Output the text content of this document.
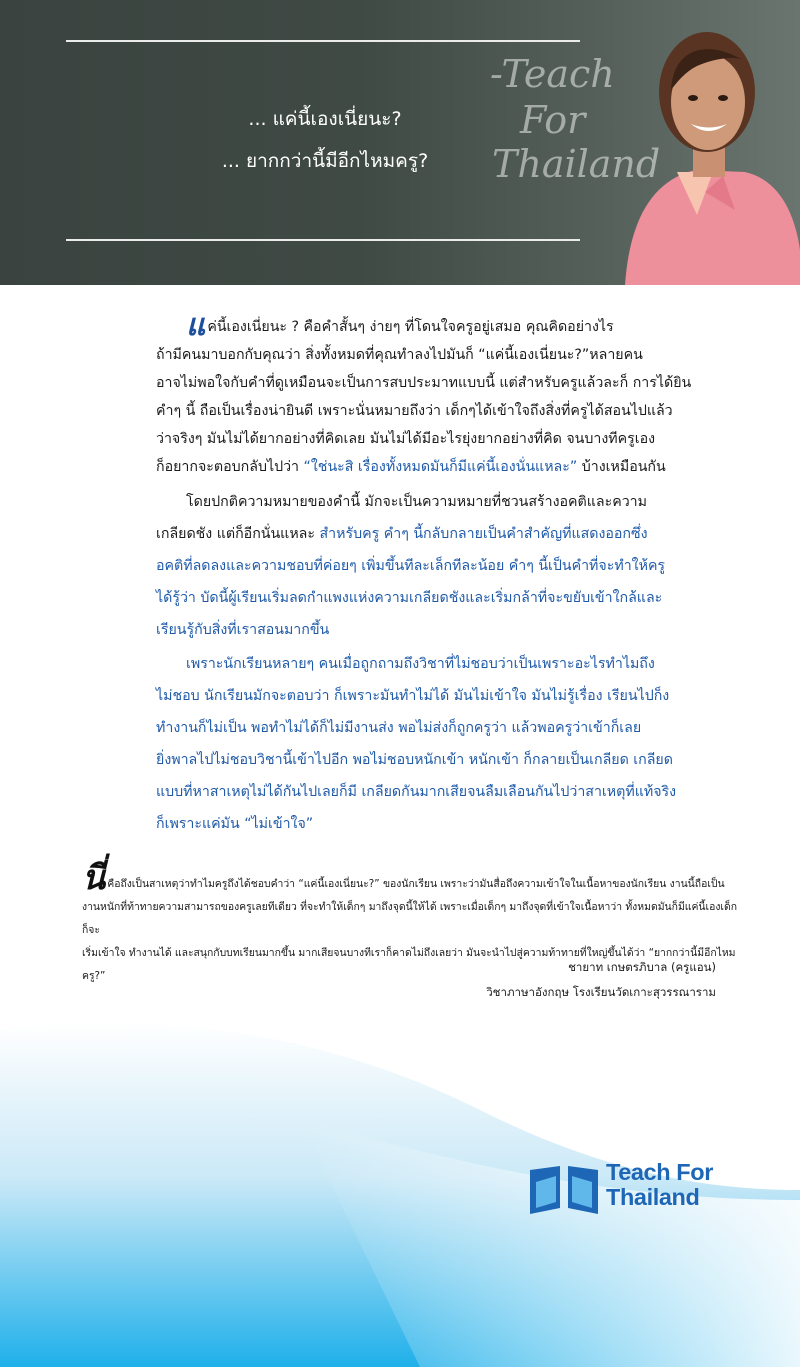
-Teach
For
Thailand
... แค่นี้เองเนี่ยนะ?
... ยากกว่านี้มีอีกไหมครู?
แค่นี้เองเนี่ยนะ ? คือคำสั้นๆ ง่ายๆ ที่โดนใจครูอยู่เสมอ คุณคิดอย่างไร
ถ้ามีคนมาบอกกับคุณว่า สิ่งทั้งหมดที่คุณทำลงไปมันก็ “แค่นี้เองเนี่ยนะ?”หลายคน
อาจไม่พอใจกับคำที่ดูเหมือนจะเป็นการสบประมาทแบบนี้ แต่สำหรับครูแล้วละก็ การได้ยิน
คำๆ นี้ ถือเป็นเรื่องน่ายินดี เพราะนั่นหมายถึงว่า เด็กๆได้เข้าใจถึงสิ่งที่ครูได้สอนไปแล้ว
ว่าจริงๆ มันไม่ได้ยากอย่างที่คิดเลย มันไม่ได้มีอะไรยุ่งยากอย่างที่คิด จนบางทีครูเอง
ก็อยากจะตอบกลับไปว่า “ใช่นะสิ เรื่องทั้งหมดมันก็มีแค่นี้เองนั่นแหละ” บ้างเหมือนกัน
โดยปกติความหมายของคำนี้ มักจะเป็นความหมายที่ชวนสร้างอคติและความ
เกลียดชัง แต่ก็อีกนั่นแหละ สำหรับครู คำๆ นี้กลับกลายเป็นคำสำคัญที่แสดงออกซึ่ง
อคติที่ลดลงและความชอบที่ค่อยๆ เพิ่มขึ้นทีละเล็กทีละน้อย คำๆ นี้เป็นคำที่จะทำให้ครู
ได้รู้ว่า บัดนี้ผู้เรียนเริ่มลดกำแพงแห่งความเกลียดชังและเริ่มกล้าที่จะขยับเข้าใกล้และ
เรียนรู้กับสิ่งที่เราสอนมากขึ้น
เพราะนักเรียนหลายๆ คนเมื่อถูกถามถึงวิชาที่ไม่ชอบว่าเป็นเพราะอะไรทำไมถึง
ไม่ชอบ นักเรียนมักจะตอบว่า ก็เพราะมันทำไม่ได้ มันไม่เข้าใจ มันไม่รู้เรื่อง เรียนไปก็ง
ทำงานก็ไม่เป็น พอทำไม่ได้ก็ไม่มีงานส่ง พอไม่ส่งก็ถูกครูว่า แล้วพอครูว่าเข้าก็เลย
ยิ่งพาลไปไม่ชอบวิชานี้เข้าไปอีก พอไม่ชอบหนักเข้า หนักเข้า ก็กลายเป็นเกลียด เกลียด
แบบที่หาสาเหตุไม่ได้กันไปเลยก็มี เกลียดกันมากเสียจนลืมเลือนกันไปว่าสาเหตุที่แท้จริง
ก็เพราะแค่มัน “ไม่เข้าใจ”
นี่คือถึงเป็นสาเหตุว่าทำไมครูถึงได้ชอบคำว่า “แค่นี้เองเนี่ยนะ?” ของนักเรียน เพราะว่ามันสื่อถึงความเข้าใจในเนื้อหาของนักเรียน งานนี้ถือเป็น
งานหนักที่ท้าทายความสามารถของครูเลยทีเดียว ที่จะทำให้เด็กๆ มาถึงจุดนี้ให้ได้ เพราะเมื่อเด็กๆ มาถึงจุดที่เข้าใจเนื้อหาว่า ทั้งหมดมันก็มีแค่นี้เองเด็กก็จะ
เริ่มเข้าใจ ทำงานได้ และสนุกกับบทเรียนมากขึ้น มากเสียจนบางทีเราก็คาดไม่ถึงเลยว่า มันจะนำไปสู่ความท้าทายที่ใหญ่ขึ้นได้ว่า “ยากกว่านี้มีอีกไหมครู?”
ชายาท เกษตรภิบาล (ครูแอน)
วิชาภาษาอังกฤษ โรงเรียนวัดเกาะสุวรรณาราม
Teach For
Thailand
